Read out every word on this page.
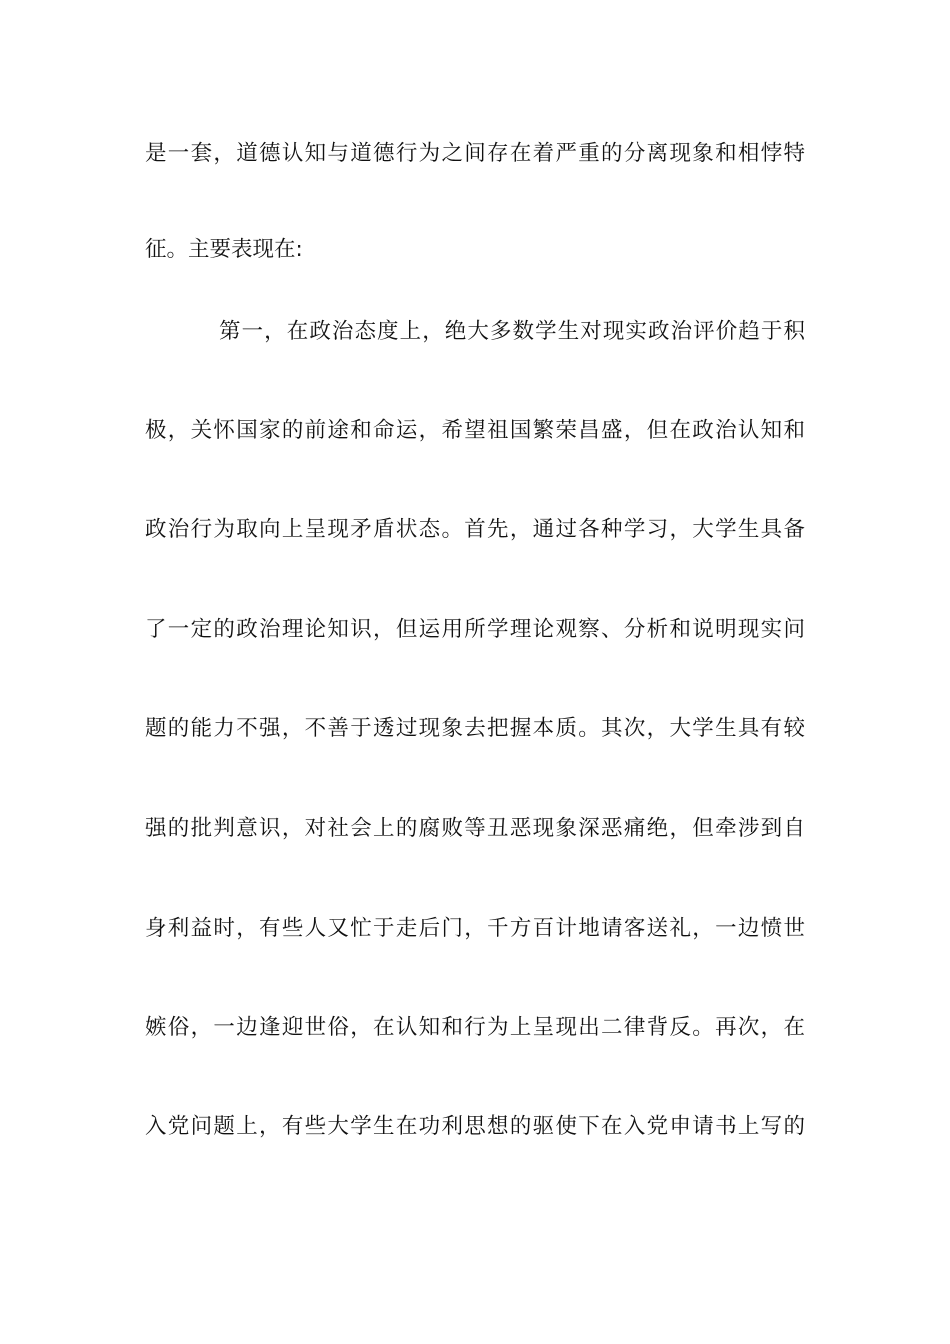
是一套，道德认知与道德行为之间存在着严重的分离现象和相悖特
征。主要表现在:
第一，在政治态度上，绝大多数学生对现实政治评价趋于积
极，关怀国家的前途和命运，希望祖国繁荣昌盛，但在政治认知和
政治行为取向上呈现矛盾状态。首先，通过各种学习，大学生具备
了一定的政治理论知识，但运用所学理论观察、分析和说明现实问
题的能力不强，不善于透过现象去把握本质。其次，大学生具有较
强的批判意识，对社会上的腐败等丑恶现象深恶痛绝，但牵涉到自
身利益时，有些人又忙于走后门，千方百计地请客送礼，一边愤世
嫉俗，一边逢迎世俗，在认知和行为上呈现出二律背反。再次，在
入党问题上，有些大学生在功利思想的驱使下在入党申请书上写的
